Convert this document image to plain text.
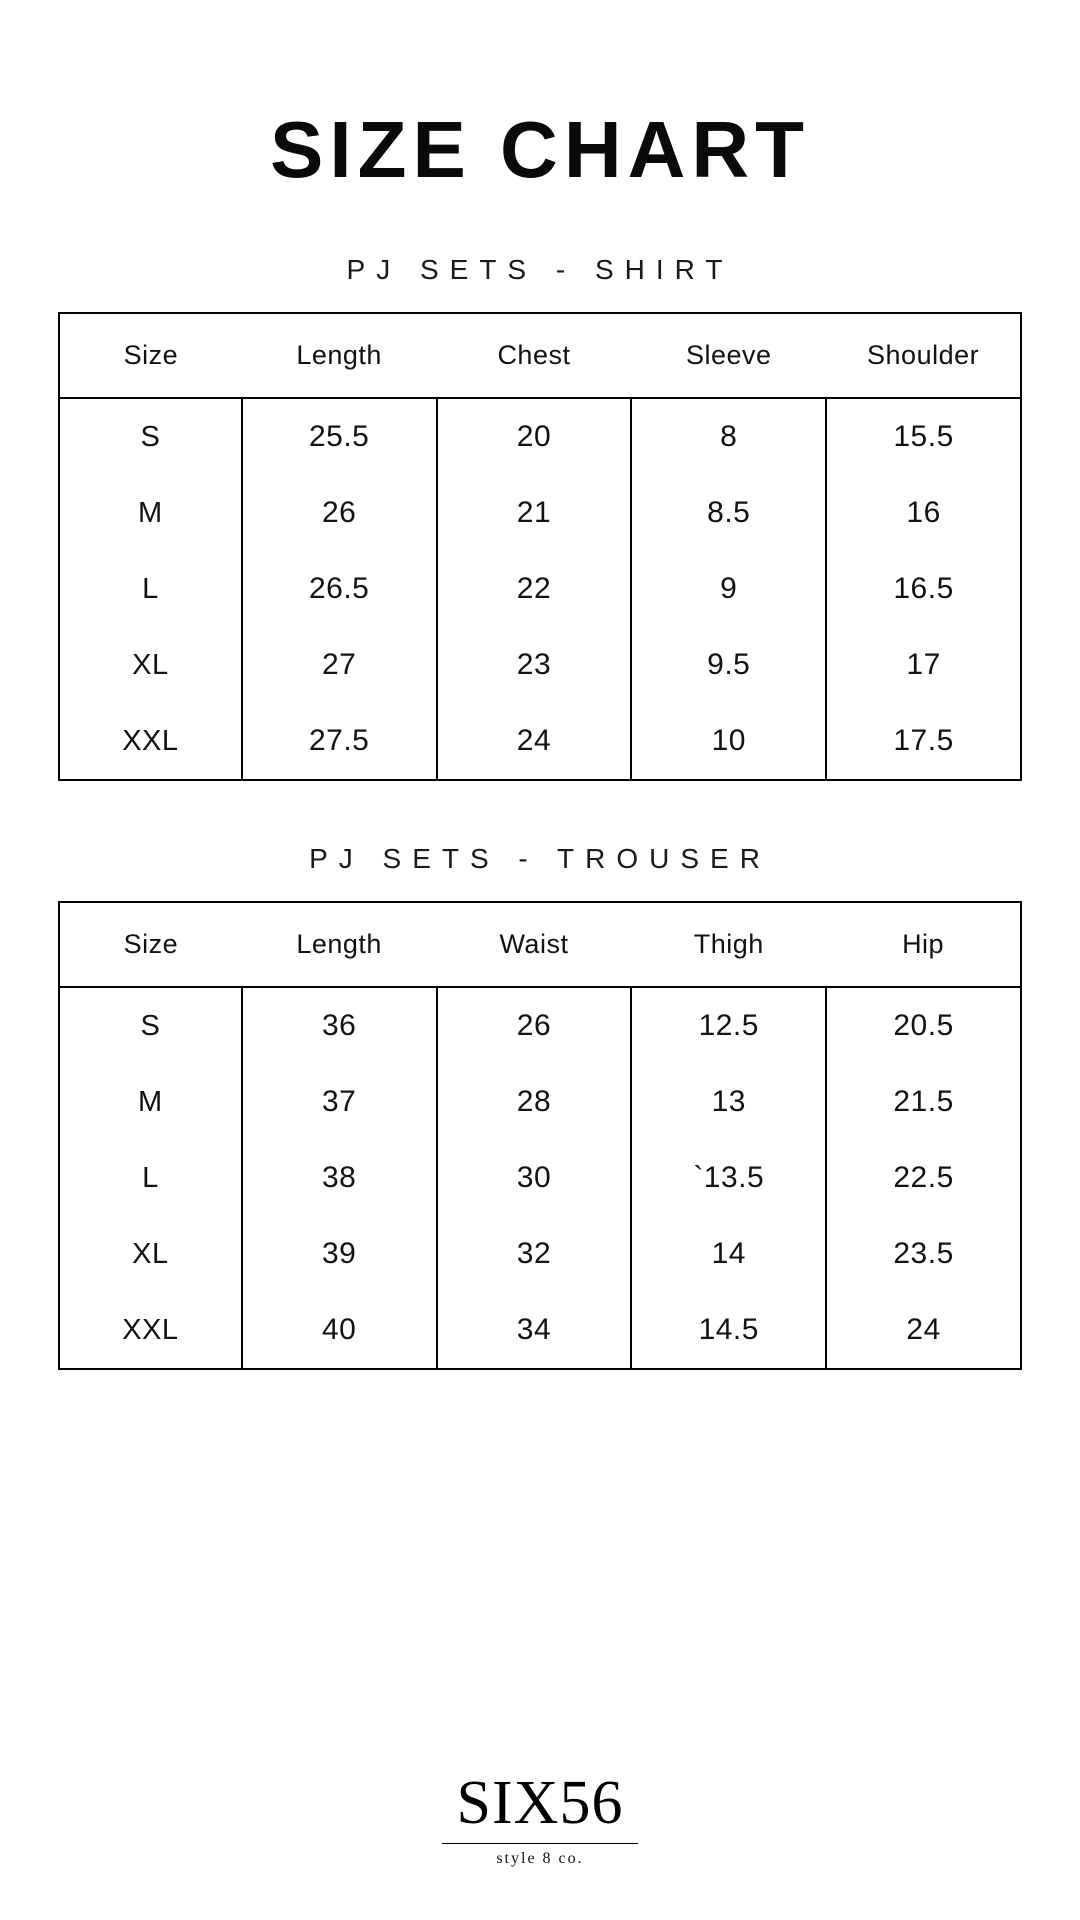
SIZE CHART
PJ SETS - SHIRT
Size	Length	Chest	Sleeve	Shoulder
S	25.5	20	8	15.5
M	26	21	8.5	16
L	26.5	22	9	16.5
XL	27	23	9.5	17
XXL	27.5	24	10	17.5
PJ SETS - TROUSER
Size	Length	Waist	Thigh	Hip
S	36	26	12.5	20.5
M	37	28	13	21.5
L	38	30	`13.5	22.5
XL	39	32	14	23.5
XXL	40	34	14.5	24
SIX56
style 8 co.
